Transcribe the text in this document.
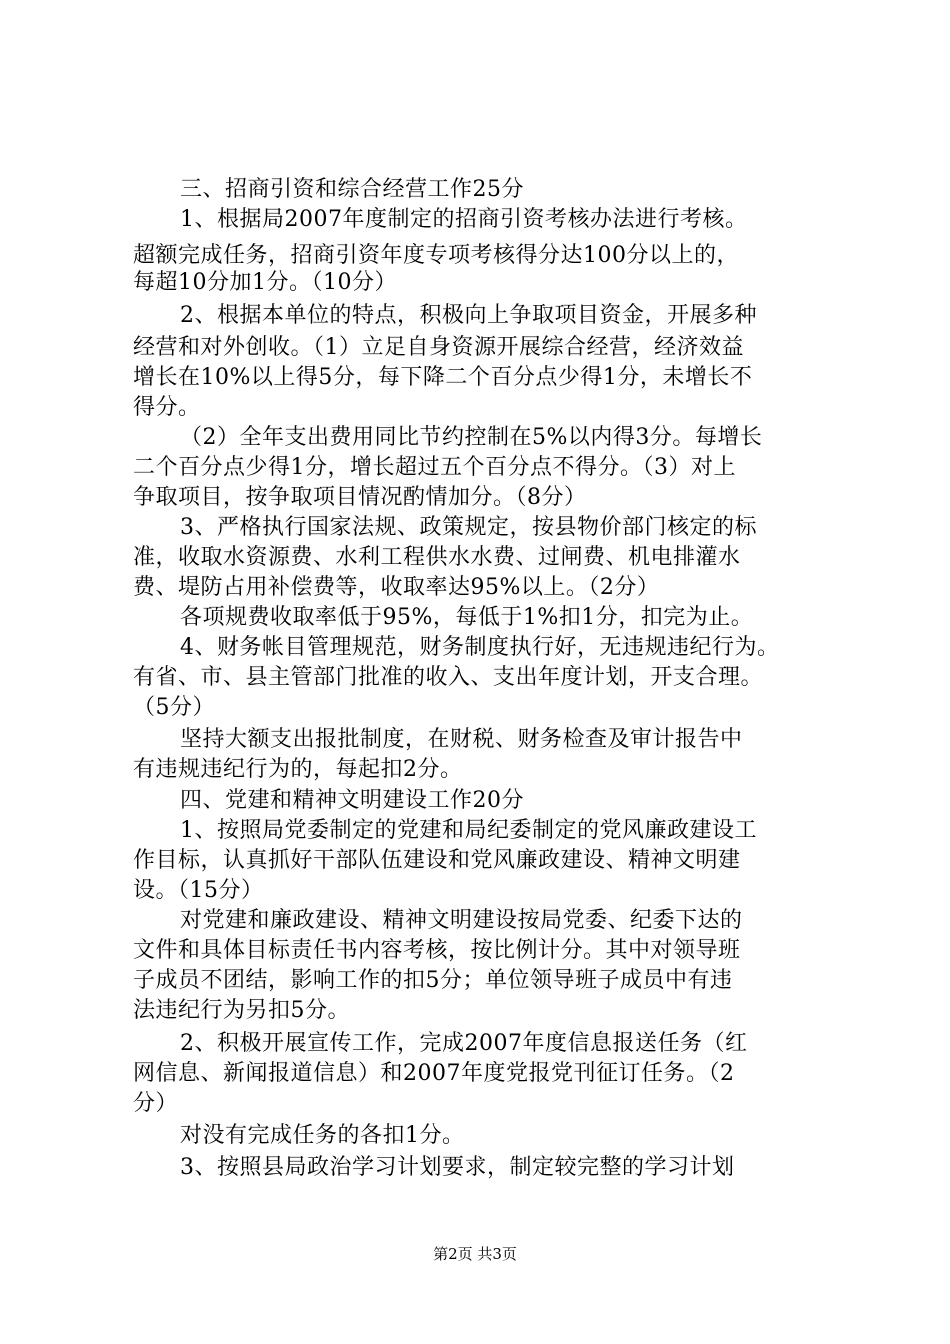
三、招商引资和综合经营工作25分
1、根据局2007年度制定的招商引资考核办法进行考核。
超额完成任务，招商引资年度专项考核得分达100分以上的，
每超10分加1分。（10分）
2、根据本单位的特点，积极向上争取项目资金，开展多种
经营和对外创收。（1）立足自身资源开展综合经营，经济效益
增长在10%以上得5分，每下降二个百分点少得1分，未增长不
得分。
（2）全年支出费用同比节约控制在5%以内得3分。每增长
二个百分点少得1分，增长超过五个百分点不得分。（3）对上
争取项目，按争取项目情况酌情加分。（8分）
3、严格执行国家法规、政策规定，按县物价部门核定的标
准，收取水资源费、水利工程供水水费、过闸费、机电排灌水
费、堤防占用补偿费等，收取率达95%以上。（2分）
各项规费收取率低于95%，每低于1%扣1分，扣完为止。
4、财务帐目管理规范，财务制度执行好，无违规违纪行为。
有省、市、县主管部门批准的收入、支出年度计划，开支合理。
（5分）
坚持大额支出报批制度，在财税、财务检查及审计报告中
有违规违纪行为的，每起扣2分。
四、党建和精神文明建设工作20分
1、按照局党委制定的党建和局纪委制定的党风廉政建设工
作目标，认真抓好干部队伍建设和党风廉政建设、精神文明建
设。（15分）
对党建和廉政建设、精神文明建设按局党委、纪委下达的
文件和具体目标责任书内容考核，按比例计分。其中对领导班
子成员不团结，影响工作的扣5分；单位领导班子成员中有违
法违纪行为另扣5分。
2、积极开展宣传工作，完成2007年度信息报送任务（红
网信息、新闻报道信息）和2007年度党报党刊征订任务。（2
分）
对没有完成任务的各扣1分。
3、按照县局政治学习计划要求，制定较完整的学习计划
第2页 共3页
